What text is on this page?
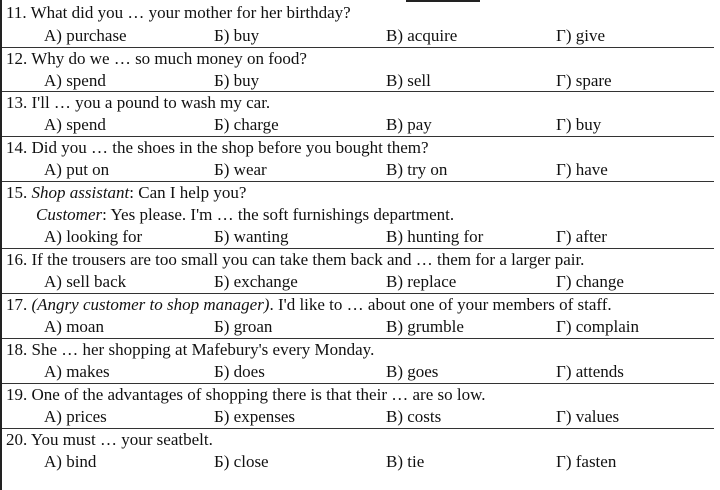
11. What did you … your mother for her birthday?
A) purchase	Б) buy	B) acquire	Г) give
12. Why do we … so much money on food?
A) spend	Б) buy	B) sell	Г) spare
13. I'll … you a pound to wash my car.
A) spend	Б) charge	B) pay	Г) buy
14. Did you … the shoes in the shop before you bought them?
A) put on	Б) wear	B) try on	Г) have
15. Shop assistant: Can I help you?
Customer: Yes please. I'm … the soft furnishings department.
A) looking for	Б) wanting	B) hunting for	Г) after
16. If the trousers are too small you can take them back and … them for a larger pair.
A) sell back	Б) exchange	B) replace	Г) change
17. (Angry customer to shop manager). I'd like to … about one of your members of staff.
A) moan	Б) groan	B) grumble	Г) complain
18. She … her shopping at Mafebury's every Monday.
A) makes	Б) does	B) goes	Г) attends
19. One of the advantages of shopping there is that their … are so low.
A) prices	Б) expenses	B) costs	Г) values
20. You must … your seatbelt.
A) bind	Б) close	B) tie	Г) fasten
